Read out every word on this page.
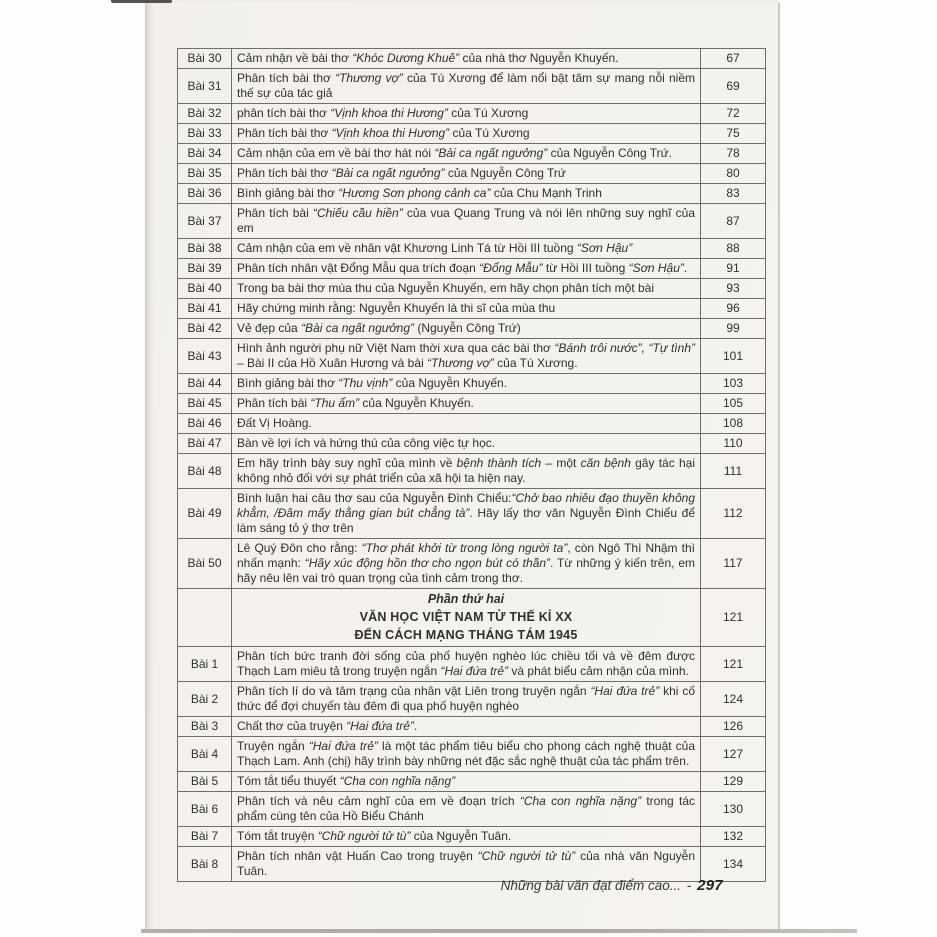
Bài 30	Cảm nhận về bài thơ “Khóc Dương Khuê” của nhà thơ Nguyễn Khuyến.	67
Bài 31	Phân tích bài thơ “Thương vợ” của Tú Xương để làm nổi bật tâm sự mang nỗi niềm thế sự của tác giả	69
Bài 32	phân tích bài thơ “Vịnh khoa thi Hương” của Tú Xương	72
Bài 33	Phân tích bài thơ “Vịnh khoa thi Hương” của Tú Xương	75
Bài 34	Cảm nhận của em về bài thơ hát nói “Bài ca ngất ngưởng” của Nguyễn Công Trứ.	78
Bài 35	Phân tích bài thơ “Bài ca ngất ngưởng” của Nguyễn Công Trứ	80
Bài 36	Bình giảng bài thơ “Hương Sơn phong cảnh ca” của Chu Mạnh Trinh	83
Bài 37	Phân tích bài “Chiếu cầu hiền” của vua Quang Trung và nói lên những suy nghĩ của em	87
Bài 38	Cảm nhận của em về nhân vật Khương Linh Tá từ Hồi III tuồng “Sơn Hậu”	88
Bài 39	Phân tích nhân vật Đổng Mẫu qua trích đoạn “Đổng Mẫu” từ Hồi III tuồng “Sơn Hậu”.	91
Bài 40	Trong ba bài thơ mùa thu của Nguyễn Khuyến, em hãy chọn phân tích một bài	93
Bài 41	Hãy chứng minh rằng: Nguyễn Khuyến là thi sĩ của mùa thu	96
Bài 42	Vẻ đẹp của “Bài ca ngất ngưởng” (Nguyễn Công Trứ)	99
Bài 43	Hình ảnh người phụ nữ Việt Nam thời xưa qua các bài thơ “Bánh trôi nước”, “Tự tình” – Bài II của Hồ Xuân Hương và bài “Thương vợ” của Tú Xương.	101
Bài 44	Bình giảng bài thơ “Thu vịnh” của Nguyễn Khuyến.	103
Bài 45	Phân tích bài “Thu ẩm” của Nguyễn Khuyến.	105
Bài 46	Đất Vị Hoàng.	108
Bài 47	Bàn về lợi ích và hứng thú của công việc tự học.	110
Bài 48	Em hãy trình bày suy nghĩ của mình về bệnh thành tích – một căn bệnh gây tác hại không nhỏ đối với sự phát triển của xã hội ta hiện nay.	111
Bài 49	Bình luận hai câu thơ sau của Nguyễn Đình Chiểu:“Chở bao nhiêu đạo thuyền không khẳm, /Đâm mấy thằng gian bút chẳng tà”. Hãy lấy thơ văn Nguyễn Đình Chiểu để làm sáng tỏ ý thơ trên	112
Bài 50	Lê Quý Đôn cho rằng: “Thơ phát khởi từ trong lòng người ta”, còn Ngô Thì Nhậm thì nhấn mạnh: “Hãy xúc động hồn thơ cho ngọn bút có thần”. Từ những ý kiến trên, em hãy nêu lên vai trò quan trọng của tình cảm trong thơ.	117

	Phần thứ hai
VĂN HỌC VIỆT NAM TỪ THẾ KỈ XX
ĐẾN CÁCH MẠNG THÁNG TÁM 1945	121
Bài 1	Phân tích bức tranh đời sống của phố huyện nghèo lúc chiều tối và về đêm được Thạch Lam miêu tả trong truyện ngắn “Hai đứa trẻ” và phát biểu cảm nhận của mình.	121
Bài 2	Phân tích lí do và tâm trạng của nhân vật Liên trong truyện ngắn “Hai đứa trẻ” khi cố thức để đợi chuyến tàu đêm đi qua phố huyện nghèo	124
Bài 3	Chất thơ của truyện “Hai đứa trẻ”.	126
Bài 4	Truyện ngắn “Hai đứa trẻ” là một tác phẩm tiêu biểu cho phong cách nghệ thuật của Thạch Lam. Anh (chị) hãy trình bày những nét đặc sắc nghệ thuật của tác phẩm trên.	127
Bài 5	Tóm tắt tiểu thuyết “Cha con nghĩa nặng”	129
Bài 6	Phân tích và nêu cảm nghĩ của em về đoạn trích “Cha con nghĩa nặng” trong tác phẩm cùng tên của Hồ Biểu Chánh	130
Bài 7	Tóm tắt truyện “Chữ người tử tù” của Nguyễn Tuân.	132
Bài 8	Phân tích nhân vật Huấn Cao trong truyện “Chữ người tử tù” của nhà văn Nguyễn Tuân.	134
Những bài văn đạt điểm cao... - 297
